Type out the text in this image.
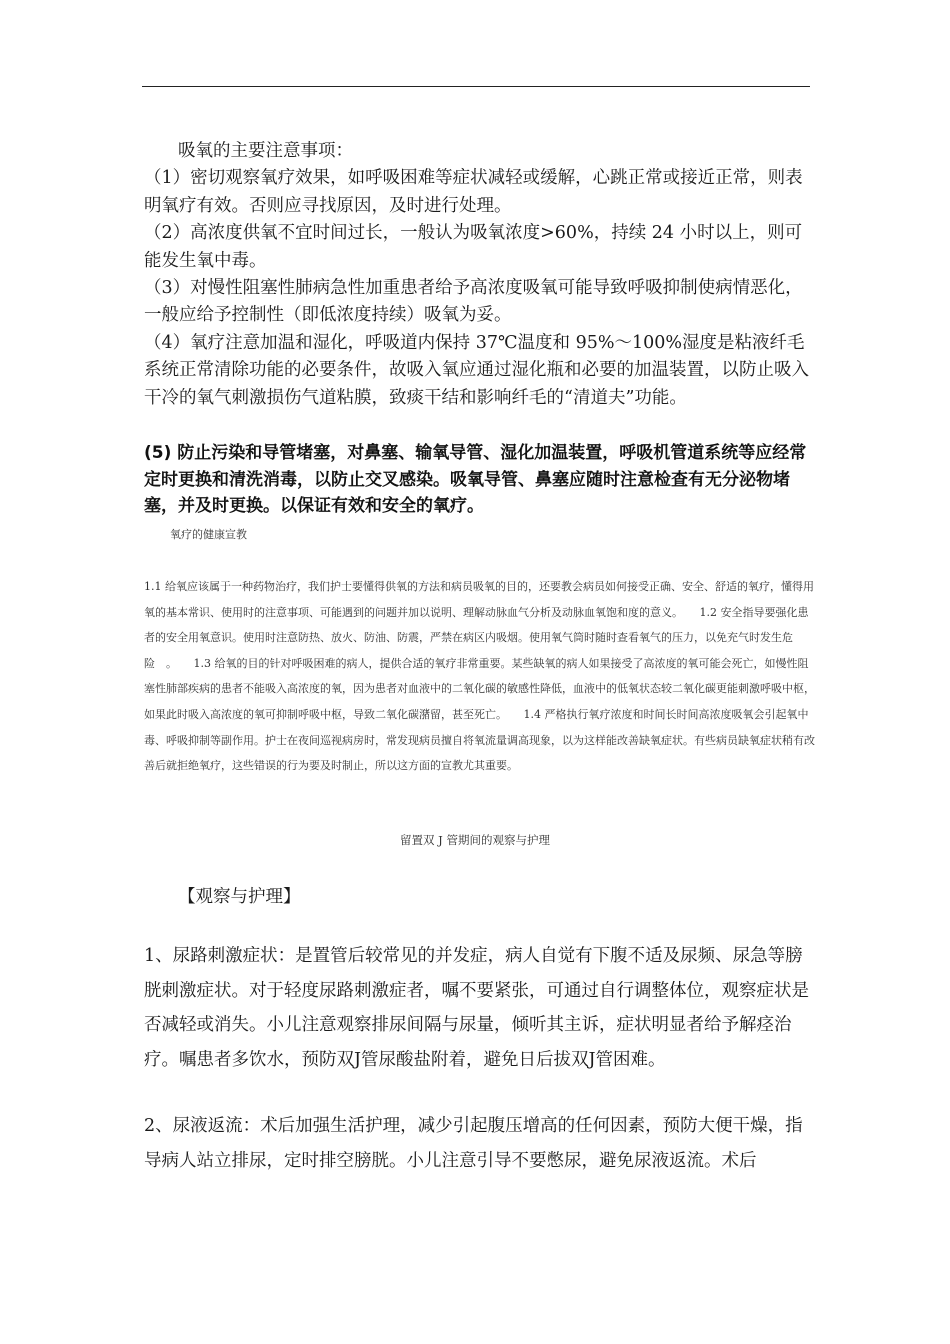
吸氧的主要注意事项：

（1）密切观察氧疗效果，如呼吸困难等症状减轻或缓解，心跳正常或接近正常，则表明氧疗有效。否则应寻找原因，及时进行处理。

（2）高浓度供氧不宜时间过长，一般认为吸氧浓度>60%，持续 24 小时以上，则可能发生氧中毒。

（3）对慢性阻塞性肺病急性加重患者给予高浓度吸氧可能导致呼吸抑制使病情恶化，一般应给予控制性（即低浓度持续）吸氧为妥。

（4）氧疗注意加温和湿化，呼吸道内保持 37℃温度和 95%～100%湿度是粘液纤毛系统正常清除功能的必要条件，故吸入氧应通过湿化瓶和必要的加温装置，以防止吸入干冷的氧气刺激损伤气道粘膜，致痰干结和影响纤毛的“清道夫”功能。

(5) 防止污染和导管堵塞，对鼻塞、输氧导管、湿化加温装置，呼吸机管道系统等应经常定时更换和清洗消毒，以防止交叉感染。吸氧导管、鼻塞应随时注意检查有无分泌物堵塞，并及时更换。以保证有效和安全的氧疗。

氧疗的健康宣教

1.1 给氧应该属于一种药物治疗，我们护士要懂得供氧的方法和病员吸氧的目的，还要教会病员如何接受正确、安全、舒适的氧疗，懂得用氧的基本常识、使用时的注意事项、可能遇到的问题并加以说明、理解动脉血气分析及动脉血氧饱和度的意义。　　1.2 安全指导要强化患者的安全用氧意识。使用时注意防热、放火、防油、防震，严禁在病区内吸烟。使用氧气筒时随时查看氧气的压力，以免充气时发生危险　。　　1.3 给氧的目的针对呼吸困难的病人，提供合适的氧疗非常重要。某些缺氧的病人如果接受了高浓度的氧可能会死亡，如慢性阻塞性肺部疾病的患者不能吸入高浓度的氧，因为患者对血液中的二氧化碳的敏感性降低，血液中的低氧状态较二氧化碳更能刺激呼吸中枢，如果此时吸入高浓度的氧可抑制呼吸中枢，导致二氧化碳潴留，甚至死亡。　　1.4 严格执行氧疗浓度和时间长时间高浓度吸氧会引起氧中毒、呼吸抑制等副作用。护士在夜间巡视病房时，常发现病员擅自将氧流量调高现象，以为这样能改善缺氧症状。有些病员缺氧症状稍有改善后就拒绝氧疗，这些错误的行为要及时制止，所以这方面的宣教尤其重要。

留置双 J 管期间的观察与护理
【观察与护理】

1、尿路刺激症状：是置管后较常见的并发症，病人自觉有下腹不适及尿频、尿急等膀胱刺激症状。对于轻度尿路刺激症者，嘱不要紧张，可通过自行调整体位，观察症状是否减轻或消失。小儿注意观察排尿间隔与尿量，倾听其主诉，症状明显者给予解痉治疗。嘱患者多饮水，预防双J管尿酸盐附着，避免日后拔双J管困难。

2、尿液返流：术后加强生活护理，减少引起腹压增高的任何因素，预防大便干燥，指导病人站立排尿，定时排空膀胱。小儿注意引导不要憋尿，避免尿液返流。术后
